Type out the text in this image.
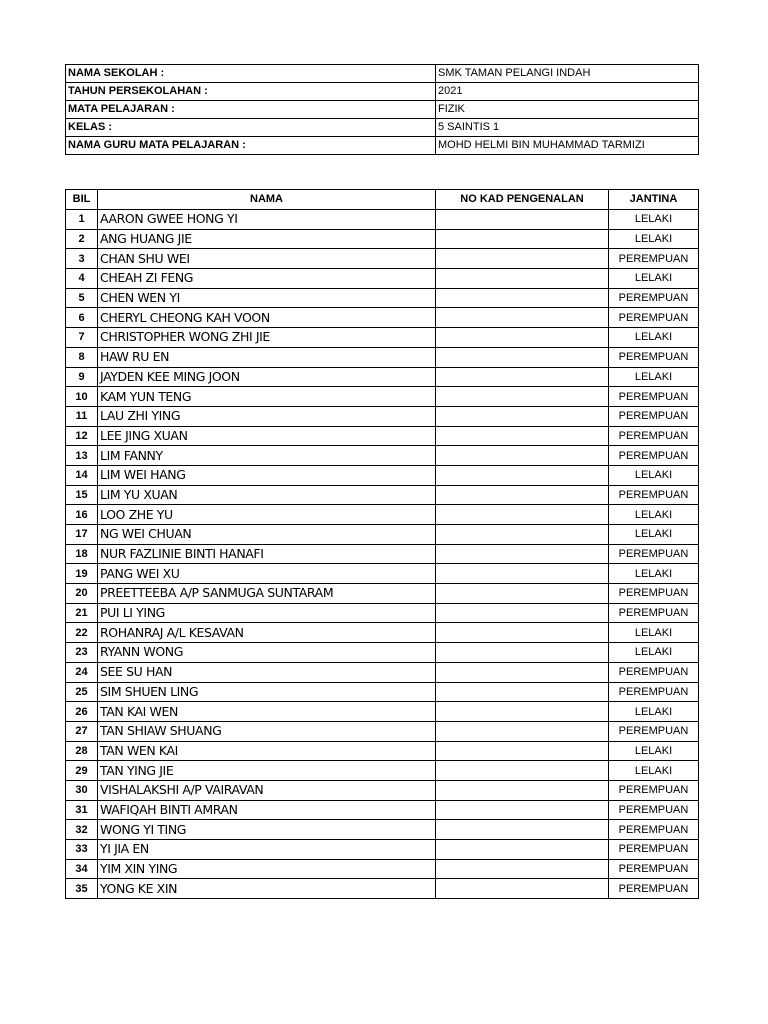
NAMA SEKOLAH :	SMK TAMAN PELANGI INDAH
TAHUN PERSEKOLAHAN :	2021
MATA PELAJARAN :	FIZIK
KELAS :	5 SAINTIS 1
NAMA GURU MATA PELAJARAN :	MOHD HELMI BIN MUHAMMAD TARMIZI
BIL	NAMA	NO KAD PENGENALAN	JANTINA
1	AARON GWEE HONG YI		LELAKI
2	ANG HUANG JIE		LELAKI
3	CHAN SHU WEI		PEREMPUAN
4	CHEAH ZI FENG		LELAKI
5	CHEN WEN YI		PEREMPUAN
6	CHERYL CHEONG KAH VOON		PEREMPUAN
7	CHRISTOPHER WONG ZHI JIE		LELAKI
8	HAW RU EN		PEREMPUAN
9	JAYDEN KEE MING JOON		LELAKI
10	KAM YUN TENG		PEREMPUAN
11	LAU ZHI YING		PEREMPUAN
12	LEE JING XUAN		PEREMPUAN
13	LIM FANNY		PEREMPUAN
14	LIM WEI HANG		LELAKI
15	LIM YU XUAN		PEREMPUAN
16	LOO ZHE YU		LELAKI
17	NG WEI CHUAN		LELAKI
18	NUR FAZLINIE BINTI HANAFI		PEREMPUAN
19	PANG WEI XU		LELAKI
20	PREETTEEBA A/P SANMUGA SUNTARAM		PEREMPUAN
21	PUI LI YING		PEREMPUAN
22	ROHANRAJ A/L KESAVAN		LELAKI
23	RYANN WONG		LELAKI
24	SEE SU HAN		PEREMPUAN
25	SIM SHUEN LING		PEREMPUAN
26	TAN KAI WEN		LELAKI
27	TAN SHIAW SHUANG		PEREMPUAN
28	TAN WEN KAI		LELAKI
29	TAN YING JIE		LELAKI
30	VISHALAKSHI A/P VAIRAVAN		PEREMPUAN
31	WAFIQAH BINTI AMRAN		PEREMPUAN
32	WONG YI TING		PEREMPUAN
33	YI JIA EN		PEREMPUAN
34	YIM XIN YING		PEREMPUAN
35	YONG KE XIN		PEREMPUAN
